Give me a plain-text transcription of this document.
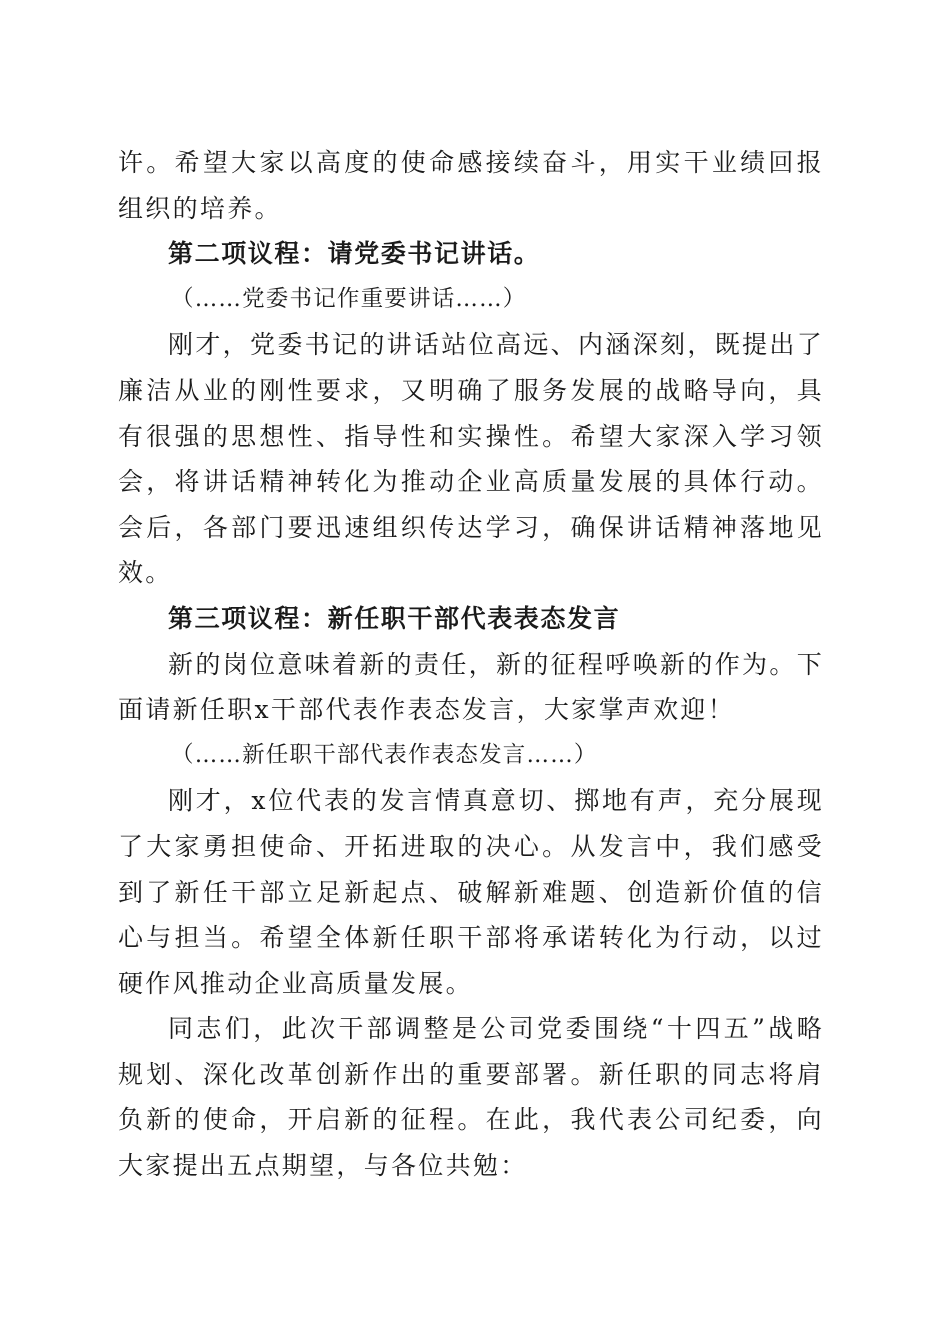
许。希望大家以高度的使命感接续奋斗，用实干业绩回报组织的培养。

第二项议程：请党委书记讲话。

（……党委书记作重要讲话……）

刚才，党委书记的讲话站位高远、内涵深刻，既提出了廉洁从业的刚性要求，又明确了服务发展的战略导向，具有很强的思想性、指导性和实操性。希望大家深入学习领会，将讲话精神转化为推动企业高质量发展的具体行动。会后，各部门要迅速组织传达学习，确保讲话精神落地见效。

第三项议程：新任职干部代表表态发言

新的岗位意味着新的责任，新的征程呼唤新的作为。下面请新任职x干部代表作表态发言，大家掌声欢迎！

（……新任职干部代表作表态发言……）

刚才，x位代表的发言情真意切、掷地有声，充分展现了大家勇担使命、开拓进取的决心。从发言中，我们感受到了新任干部立足新起点、破解新难题、创造新价值的信心与担当。希望全体新任职干部将承诺转化为行动，以过硬作风推动企业高质量发展。

同志们，此次干部调整是公司党委围绕“十四五”战略规划、深化改革创新作出的重要部署。新任职的同志将肩负新的使命，开启新的征程。在此，我代表公司纪委，向大家提出五点期望，与各位共勉：
